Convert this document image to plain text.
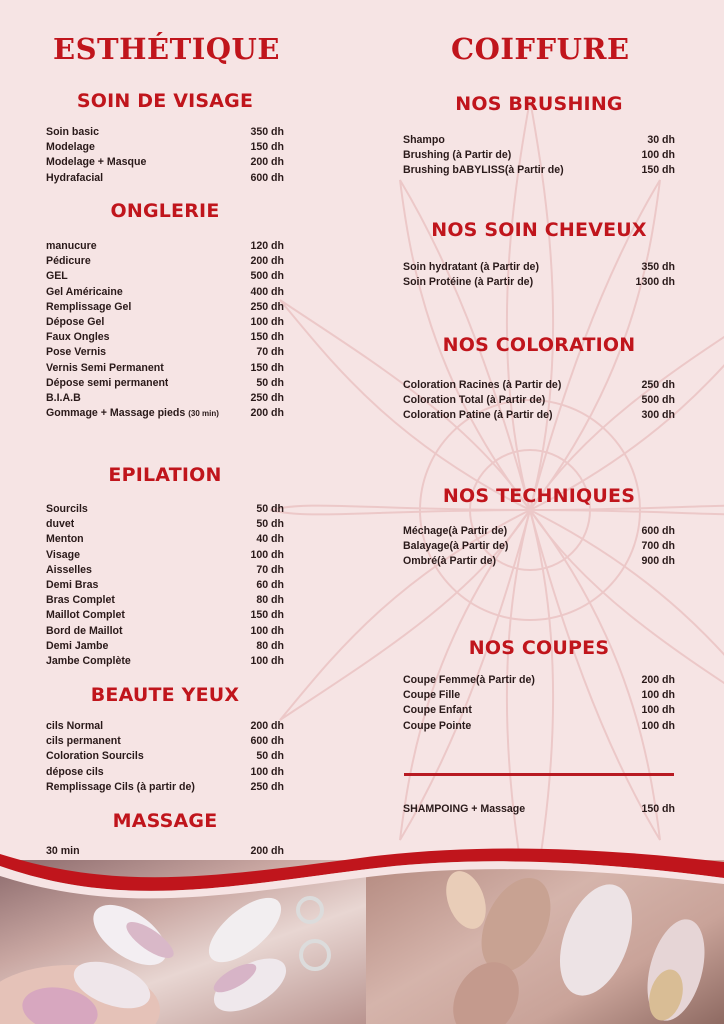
ESTHÉTIQUE
SOIN DE VISAGE
Soin basic	350 dh
Modelage	150 dh
Modelage + Masque	200 dh
Hydrafacial	600 dh
ONGLERIE
manucure	120 dh
Pédicure	200 dh
GEL	500 dh
Gel Américaine	400 dh
Remplissage Gel	250 dh
Dépose Gel	100 dh
Faux Ongles	150 dh
Pose Vernis	70 dh
Vernis Semi Permanent	150 dh
Dépose semi permanent	50 dh
B.I.A.B	250 dh
Gommage + Massage pieds (30 min)	200 dh
EPILATION
Sourcils	50 dh
duvet	50 dh
Menton	40 dh
Visage	100 dh
Aisselles	70 dh
Demi Bras	60 dh
Bras Complet	80 dh
Maillot Complet	150 dh
Bord de Maillot	100 dh
Demi Jambe	80 dh
Jambe Complète	100 dh
BEAUTE YEUX
cils Normal	200 dh
cils permanent	600 dh
Coloration Sourcils	50 dh
dépose cils	100 dh
Remplissage Cils (à partir de)	250 dh
MASSAGE
30 min	200 dh
COIFFURE
NOS BRUSHING
Shampo	30 dh
Brushing (à Partir de)	100 dh
Brushing bABYLISS(à Partir de)	150 dh
NOS SOIN CHEVEUX
Soin hydratant (à Partir de)	350 dh
Soin Protéine (à Partir de)	1300 dh
NOS COLORATION
Coloration Racines (à Partir de)	250 dh
Coloration Total (à Partir de)	500 dh
Coloration Patine (à Partir de)	300 dh
NOS TECHNIQUES
Méchage(à Partir de)	600 dh
Balayage(à Partir de)	700 dh
Ombré(à Partir de)	900 dh
NOS COUPES
Coupe Femme(à Partir de)	200 dh
Coupe Fille	100 dh
Coupe Enfant	100 dh
Coupe Pointe	100 dh
SHAMPOING + Massage	150 dh
